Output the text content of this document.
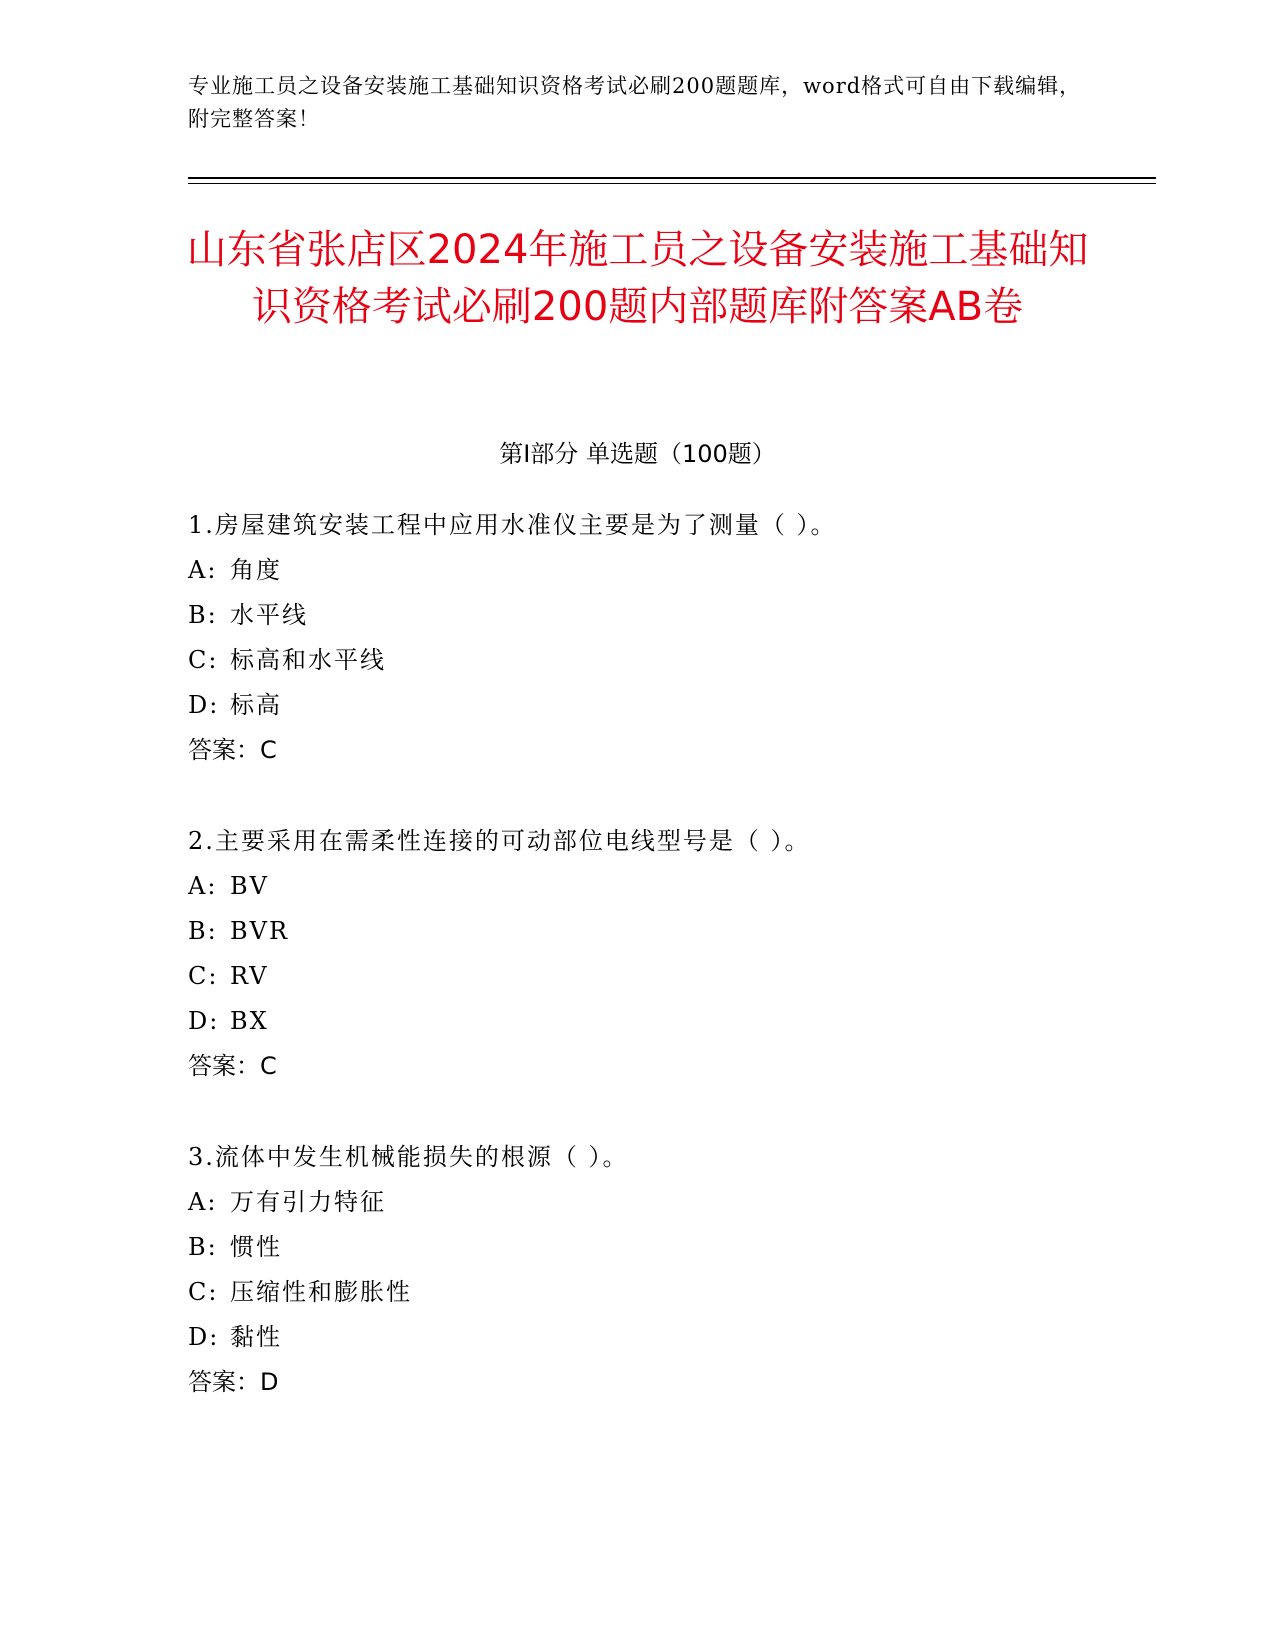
专业施工员之设备安装施工基础知识资格考试必刷200题题库，word格式可自由下载编辑，附完整答案！
山东省张店区2024年施工员之设备安装施工基础知识资格考试必刷200题内部题库附答案AB卷
第Ⅰ部分 单选题（100题）
1.房屋建筑安装工程中应用水准仪主要是为了测量（ ）。
A: 角度
B: 水平线
C: 标高和水平线
D: 标高
答案：C
2.主要采用在需柔性连接的可动部位电线型号是（ ）。
A: BV
B: BVR
C: RV
D: BX
答案：C
3.流体中发生机械能损失的根源（ ）。
A: 万有引力特征
B: 惯性
C: 压缩性和膨胀性
D: 黏性
答案：D
